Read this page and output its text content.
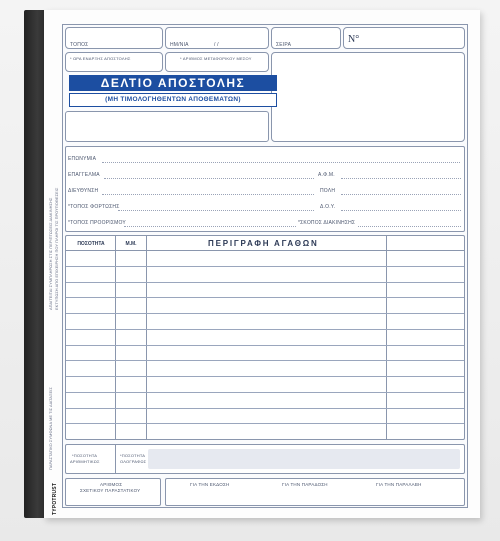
ΑΠΑΙΤΕΙΤΑΙ ΣΥΜΠΛΗΡΩΣΗ ΣΤΙΣ ΠΕΡΙΠΤΩΣΕΙΣ ΔΙΑΚΙΝΗΣΗΣ ΕΚΤΥΠΩΣΗ ΑΠΟ ΕΠΙΧΕΙΡΗΣΗ ΠΟΥ ΠΛΗΡΟΙ ΤΙΣ ΠΡΟΫΠΟΘΕΣΕΙΣ
ΠΑΡΑΣΤΑΤΙΚΟ ΣΥΜΦΩΝΑ ΜΕ ΤΙΣ ΔΙΑΤΑΞΕΙΣ
TYPOTRUST
ΤΟΠΟΣ	ΗΜ/ΝΙΑ	/ /	ΣΕΙΡΑ	Ν°
* ΩΡΑ ΕΝΑΡΞΗΣ ΑΠΟΣΤΟΛΗΣ	* ΑΡΙΘΜΟΣ ΜΕΤΑΦΟΡΙΚΟΥ ΜΕΣΟΥ
ΔΕΛΤΙΟ ΑΠΟΣΤΟΛΗΣ
(ΜΗ ΤΙΜΟΛΟΓΗΘΕΝΤΩΝ ΑΠΟΘΕΜΑΤΩΝ)
ΕΠΩΝΥΜΙΑ
ΕΠΑΓΓΕΛΜΑ	Α.Φ.Μ.
ΔΙΕΥΘΥΝΣΗ	ΠΟΛΗ
*ΤΟΠΟΣ ΦΟΡΤΩΣΗΣ	Δ.Ο.Υ.
*ΤΟΠΟΣ ΠΡΟΟΡΙΣΜΟΥ	*ΣΚΟΠΟΣ ΔΙΑΚΙΝΗΣΗΣ
ΠΟΣΟΤΗΤΑ	Μ.Μ.	ΠΕΡΙΓΡΑΦΗ ΑΓΑΘΩΝ
*ΠΟΣΟΤΗΤΑ
ΑΡΙΘΜΗΤΙΚΩΣ
*ΠΟΣΟΤΗΤΑ
ΟΛΟΓΡΑΦΩΣ
ΑΡΙΘΜΟΣ
ΣΧΕΤΙΚΟΥ ΠΑΡΑΣΤΑΤΙΚΟΥ
ΓΙΑ ΤΗΝ ΕΚΔΟΣΗ	ΓΙΑ ΤΗΝ ΠΑΡΑΔΟΣΗ	ΓΙΑ ΤΗΝ ΠΑΡΑΛΑΒΗ
